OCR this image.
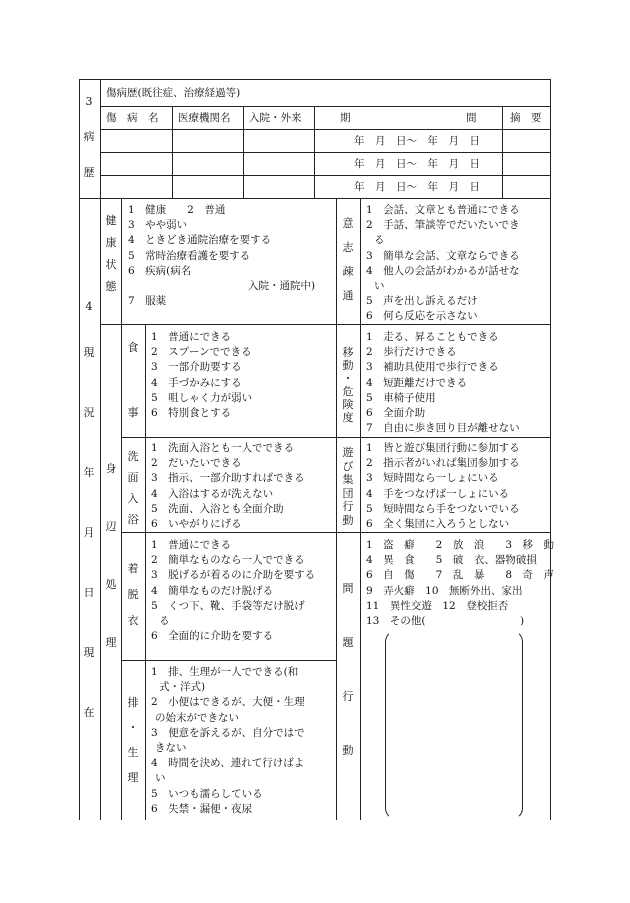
3
病
歴
傷病歴(既往症、治療経過等)
傷　病　名 医療機関名 入院・外来	期　　　　　　　　　　　間	摘　要
年　月　日〜　年　月　日
年　月　日〜　年　月　日
年　月　日〜　年　月　日
4
現
況
年
月
日
現
在
健
康
状
態
1　健康　　2　普通
3　やや弱い
4　ときどき通院治療を要する
5　常時治療看護を要する
6　疾病(病名
入院・通院中)
7　服薬
意
志
疎
通
1　会話、文章とも普通にできる
2　手話、筆談等でだいたいでき
る
3　簡単な会話、文章ならできる
4　他人の会話がわかるが話せな
い
5　声を出し訴えるだけ
6　何ら反応を示さない
身
辺
処
理
食
事
1　普通にできる
2　スプーンでできる
3　一部介助要する
4　手づかみにする
5　咀しゃく力が弱い
6　特別食とする
移
動
・
危
険
度
1　走る、昇ることもできる
2　歩行だけできる
3　補助具使用で歩行できる
4　短距離だけできる
5　車椅子使用
6　全面介助
7　自由に歩き回り目が離せない
洗
面
入
浴
1　洗面入浴とも一人でできる
2　だいたいできる
3　指示、一部介助すればできる
4　入浴はするが洗えない
5　洗面、入浴とも全面介助
6　いやがりにげる
遊
び
集
団
行
動
1　皆と遊び集団行動に参加する
2　指示者がいれば集団参加する
3　短時間なら一しょにいる
4　手をつなげば一しょにいる
5　短時間なら手をつないでいる
6　全く集団に入ろうとしない
着
脱
衣
1　普通にできる
2　簡単なものなら一人でできる
3　脱げるが着るのに介助を要する
4　簡単なものだけ脱げる
5　くつ下、靴、手袋等だけ脱げ
る
6　全面的に介助を要する
排
・
生
理
1　排、生理が一人でできる(和
式・洋式)
2　小便はできるが、大便・生理
の始末ができない
3　便意を訴えるが、自分ではで
きない
4　時間を決め、連れて行けばよ
い
5　いつも濡らしている
6　失禁・漏便・夜尿
問
題
行
動
1　盗　癖　　2　放　浪　　3　移　動
4　異　食　　5　破　衣、器物破損
6　自　傷　　7　乱　暴　　8　奇　声
9　弄火癖　10　無断外出、家出
11　異性交遊　12　登校拒否
13　その他(　　　　　　　　　)
